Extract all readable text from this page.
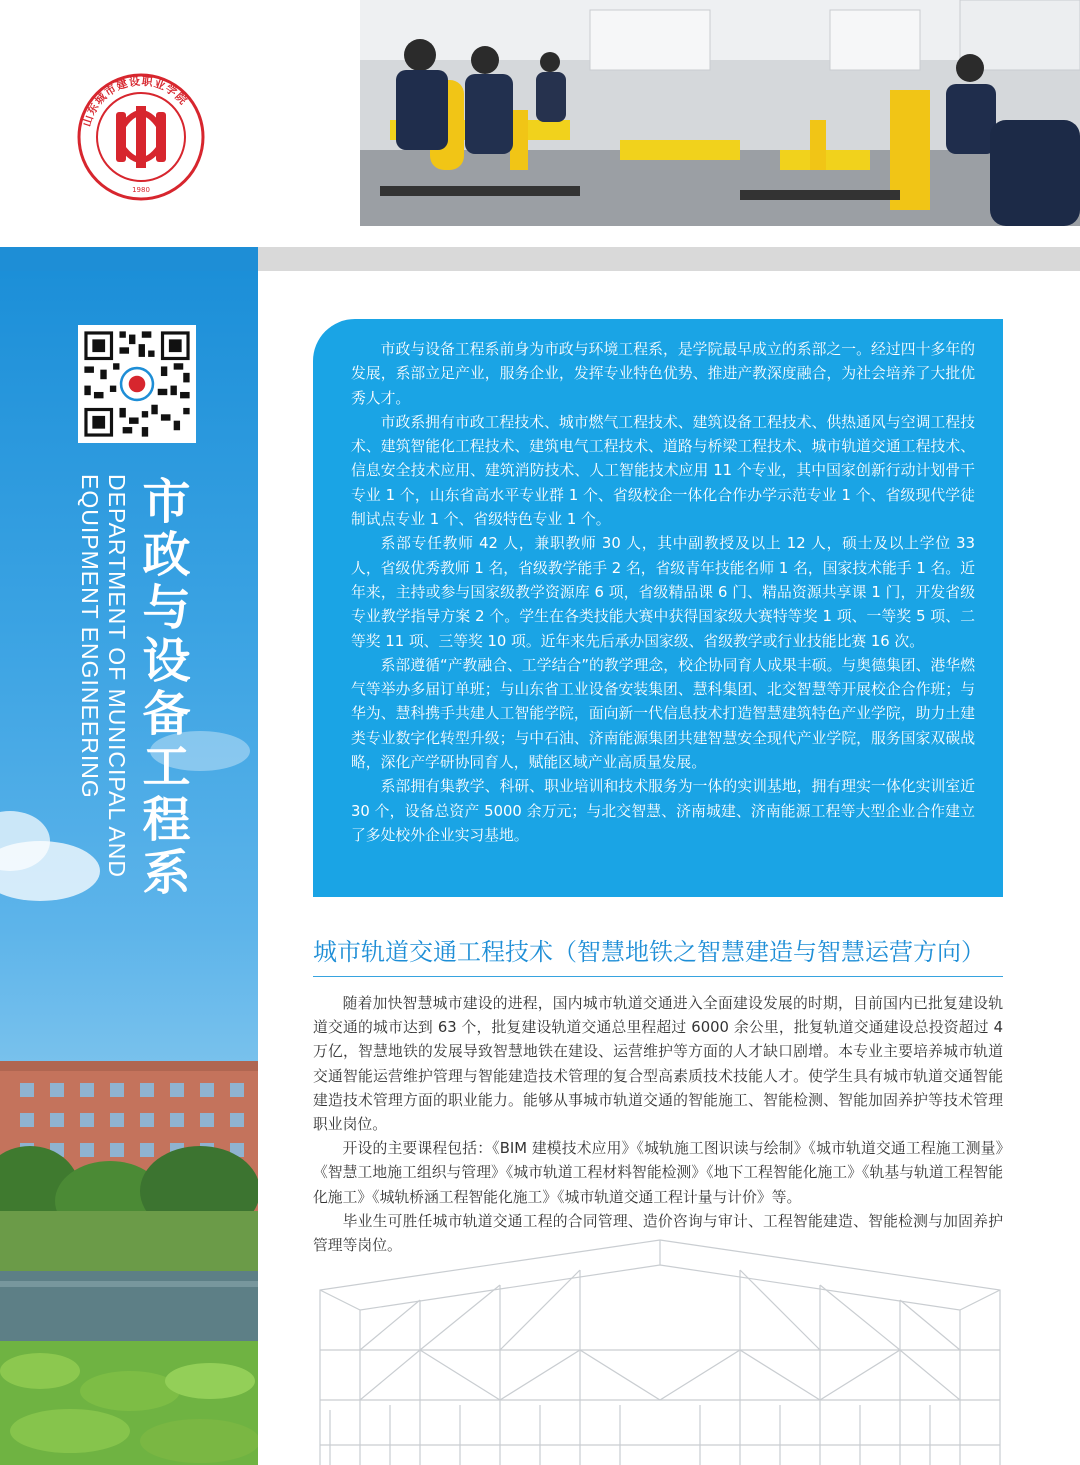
山东城市建设职业学院
1980
市政与设备工程系
DEPARTMENT OF MUNICIPAL AND
EQUIPMENT ENGINEERING

市政与设备工程系前身为市政与环境工程系，是学院最早成立的系部之一。经过四十多年的发展，系部立足产业，服务企业，发挥专业特色优势、推进产教深度融合，为社会培养了大批优秀人才。

市政系拥有市政工程技术、城市燃气工程技术、建筑设备工程技术、供热通风与空调工程技术、建筑智能化工程技术、建筑电气工程技术、道路与桥梁工程技术、城市轨道交通工程技术、信息安全技术应用、建筑消防技术、人工智能技术应用 11 个专业，其中国家创新行动计划骨干专业 1 个，山东省高水平专业群 1 个、省级校企一体化合作办学示范专业 1 个、省级现代学徒制试点专业 1 个、省级特色专业 1 个。

系部专任教师 42 人，兼职教师 30 人，其中副教授及以上 12 人，硕士及以上学位 33 人，省级优秀教师 1 名，省级教学能手 2 名，省级青年技能名师 1 名，国家技术能手 1 名。近年来，主持或参与国家级教学资源库 6 项，省级精品课 6 门、精品资源共享课 1 门，开发省级专业教学指导方案 2 个。学生在各类技能大赛中获得国家级大赛特等奖 1 项、一等奖 5 项、二等奖 11 项、三等奖 10 项。近年来先后承办国家级、省级教学或行业技能比赛 16 次。

系部遵循“产教融合、工学结合”的教学理念，校企协同育人成果丰硕。与奥德集团、港华燃气等举办多届订单班；与山东省工业设备安装集团、慧科集团、北交智慧等开展校企合作班；与华为、慧科携手共建人工智能学院，面向新一代信息技术打造智慧建筑特色产业学院，助力土建类专业数字化转型升级；与中石油、济南能源集团共建智慧安全现代产业学院，服务国家双碳战略，深化产学研协同育人，赋能区域产业高质量发展。

系部拥有集教学、科研、职业培训和技术服务为一体的实训基地，拥有理实一体化实训室近 30 个，设备总资产 5000 余万元；与北交智慧、济南城建、济南能源工程等大型企业合作建立了多处校外企业实习基地。

城市轨道交通工程技术（智慧地铁之智慧建造与智慧运营方向）

随着加快智慧城市建设的进程，国内城市轨道交通进入全面建设发展的时期，目前国内已批复建设轨道交通的城市达到 63 个，批复建设轨道交通总里程超过 6000 余公里，批复轨道交通建设总投资超过 4 万亿，智慧地铁的发展导致智慧地铁在建设、运营维护等方面的人才缺口剧增。本专业主要培养城市轨道交通智能运营维护管理与智能建造技术管理的复合型高素质技术技能人才。使学生具有城市轨道交通智能建造技术管理方面的职业能力。能够从事城市轨道交通的智能施工、智能检测、智能加固养护等技术管理职业岗位。

开设的主要课程包括：《BIM 建模技术应用》《城轨施工图识读与绘制》《城市轨道交通工程施工测量》《智慧工地施工组织与管理》《城市轨道工程材料智能检测》《地下工程智能化施工》《轨基与轨道工程智能化施工》《城轨桥涵工程智能化施工》《城市轨道交通工程计量与计价》等。

毕业生可胜任城市轨道交通工程的合同管理、造价咨询与审计、工程智能建造、智能检测与加固养护管理等岗位。
